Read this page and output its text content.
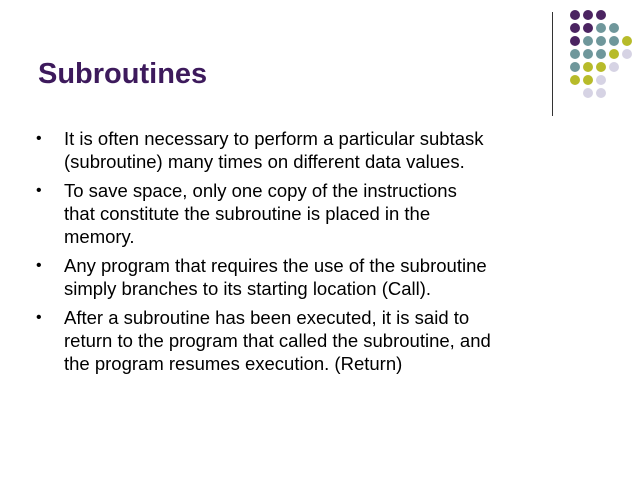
Subroutines
• It is often necessary to perform a particular subtask
(subroutine) many times on different data values.
• To save space, only one copy of the instructions
that constitute the subroutine is placed in the
memory.
• Any program that requires the use of the subroutine
simply branches to its starting location (Call).
• After a subroutine has been executed, it is said to
return to the program that called the subroutine, and
the program resumes execution. (Return)
